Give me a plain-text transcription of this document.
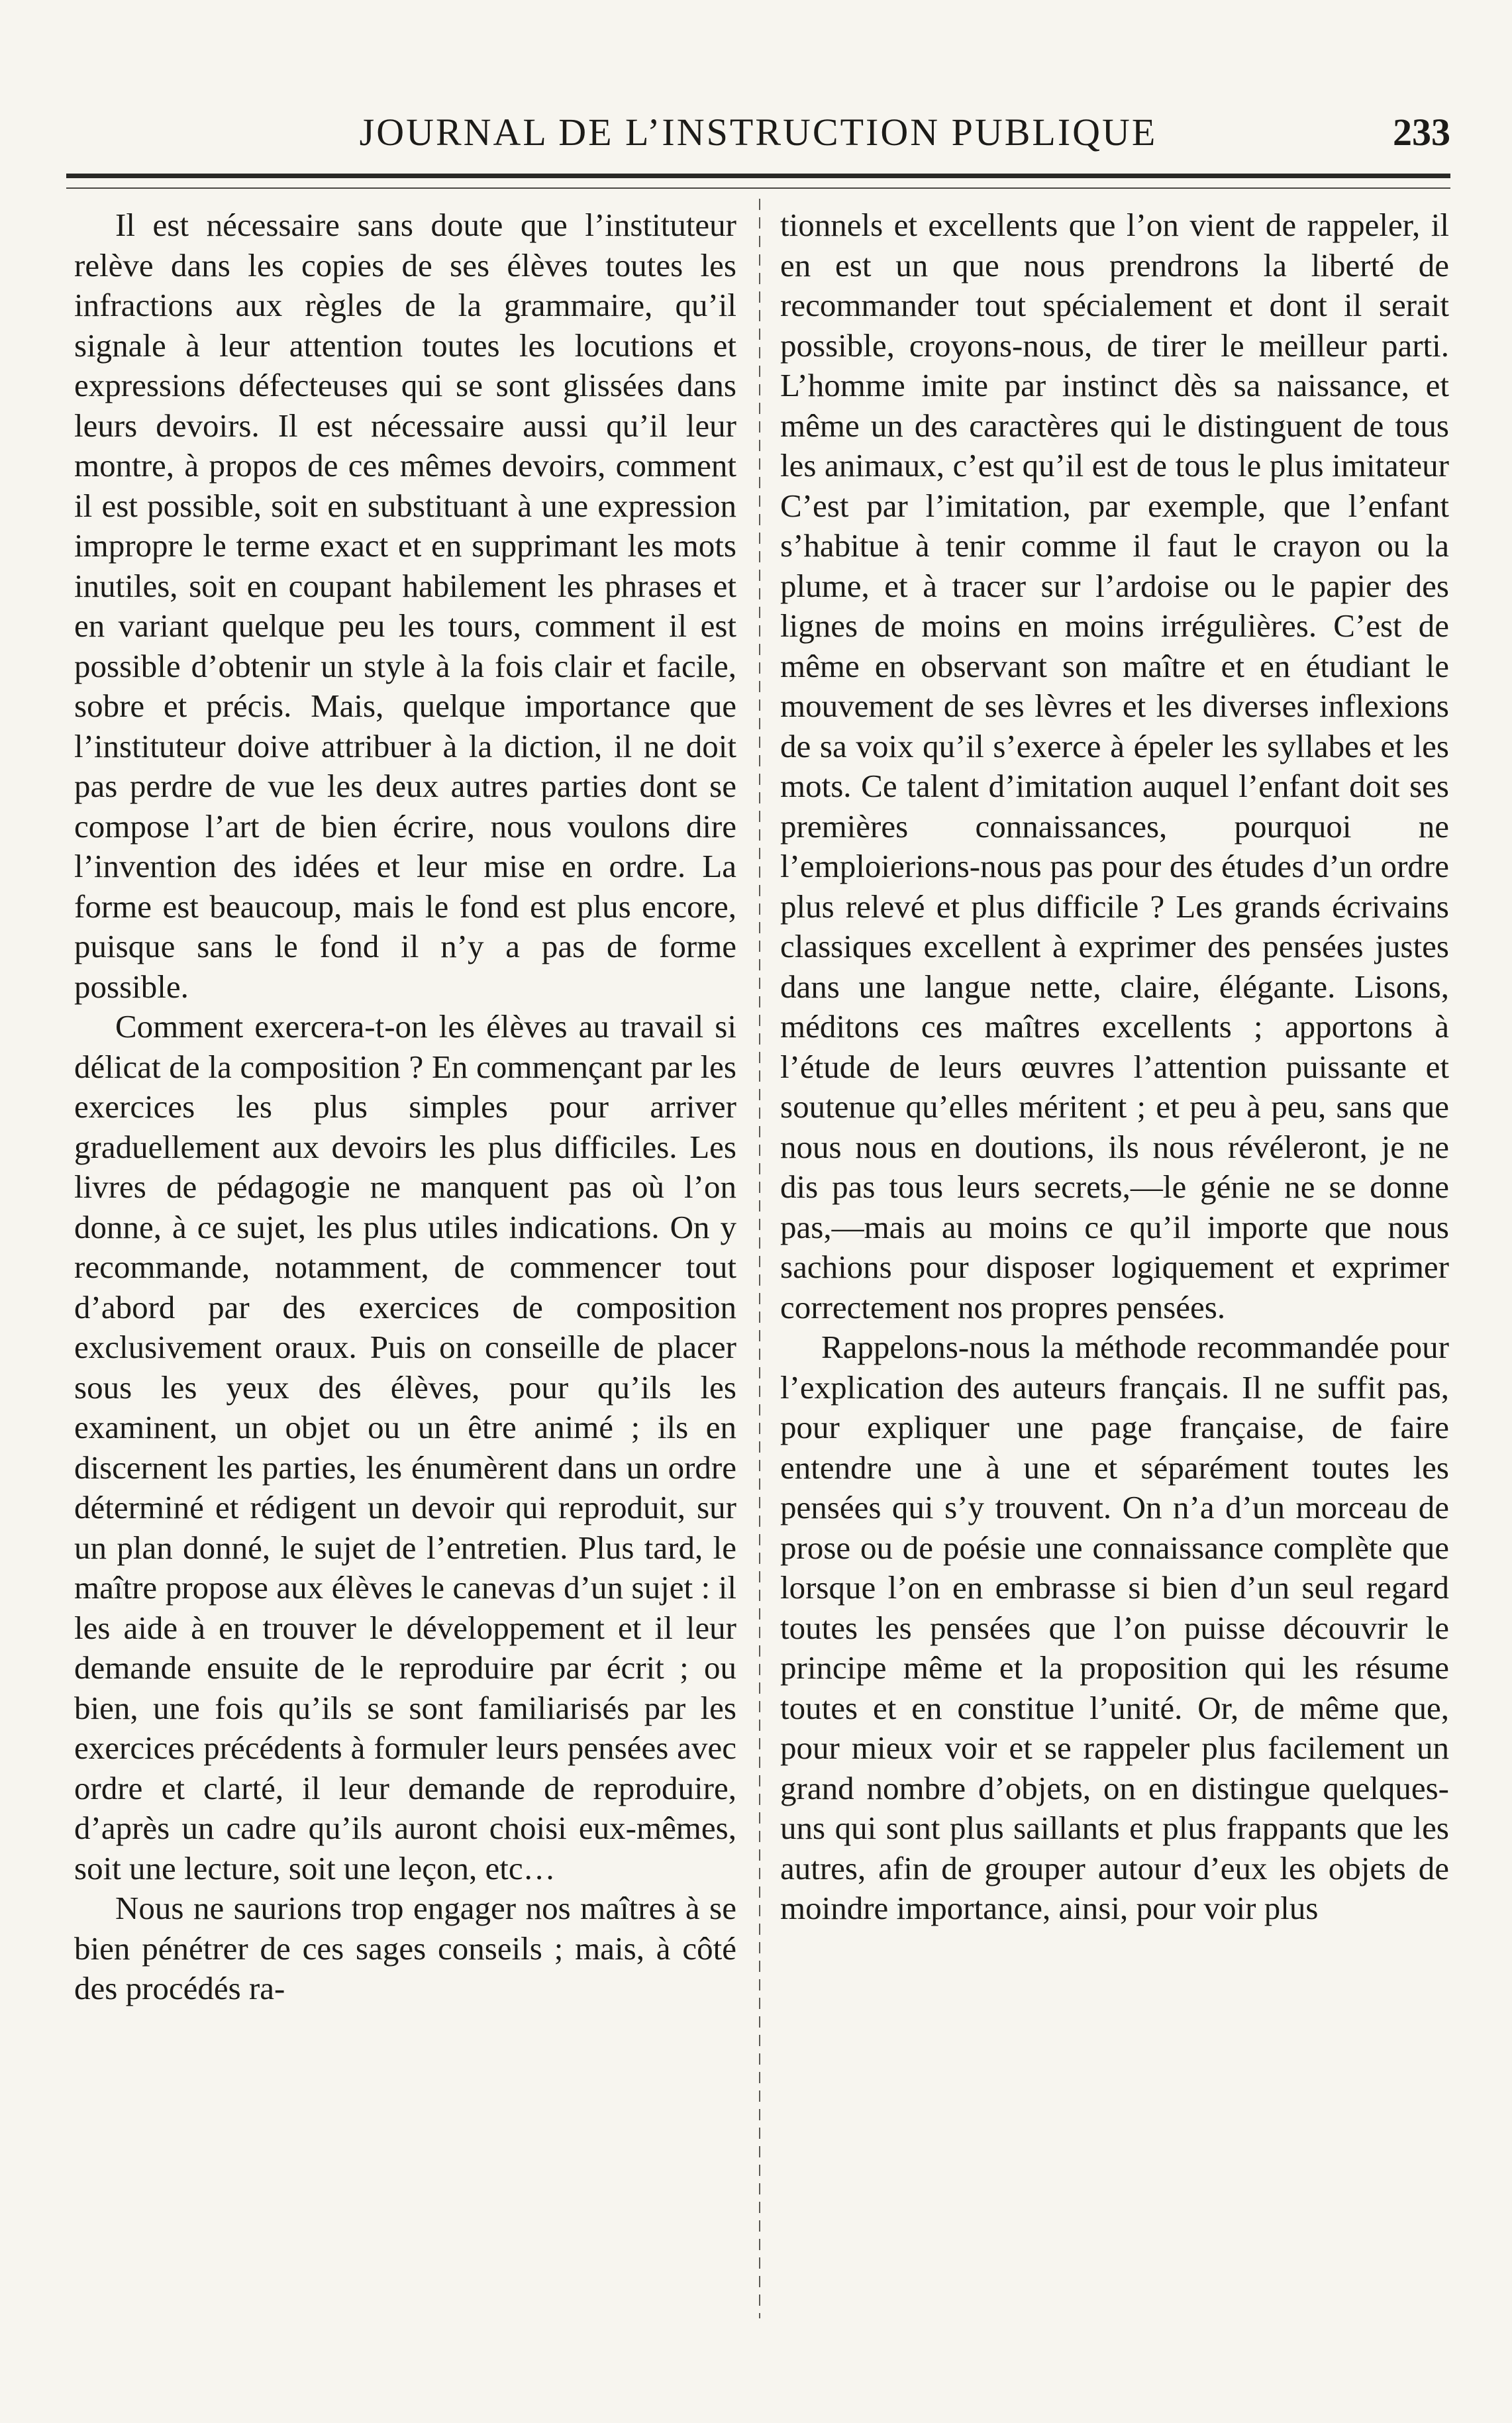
JOURNAL DE L’INSTRUCTION PUBLIQUE	233

Il est nécessaire sans doute que l’instituteur relève dans les copies de ses élèves toutes les infractions aux règles de la grammaire, qu’il signale à leur attention toutes les locutions et expressions défecteuses qui se sont glissées dans leurs devoirs. Il est nécessaire aussi qu’il leur montre, à propos de ces mêmes devoirs, comment il est possible, soit en substituant à une expression impropre le terme exact et en supprimant les mots inutiles, soit en coupant habilement les phrases et en variant quelque peu les tours, comment il est possible d’obtenir un style à la fois clair et facile, sobre et précis. Mais, quelque importance que l’instituteur doive attribuer à la diction, il ne doit pas perdre de vue les deux autres parties dont se compose l’art de bien écrire, nous voulons dire l’invention des idées et leur mise en ordre. La forme est beaucoup, mais le fond est plus encore, puisque sans le fond il n’y a pas de forme possible.

Comment exercera-t-on les élèves au travail si délicat de la composition ? En commençant par les exercices les plus simples pour arriver graduellement aux devoirs les plus difficiles. Les livres de pédagogie ne manquent pas où l’on donne, à ce sujet, les plus utiles indications. On y recommande, notamment, de commencer tout d’abord par des exercices de composition exclusivement oraux. Puis on conseille de placer sous les yeux des élèves, pour qu’ils les examinent, un objet ou un être animé ; ils en discernent les parties, les énumèrent dans un ordre déterminé et rédigent un devoir qui reproduit, sur un plan donné, le sujet de l’entretien. Plus tard, le maître propose aux élèves le canevas d’un sujet : il les aide à en trouver le développement et il leur demande ensuite de le reproduire par écrit ; ou bien, une fois qu’ils se sont familiarisés par les exercices précédents à formuler leurs pensées avec ordre et clarté, il leur demande de reproduire, d’après un cadre qu’ils auront choisi eux-mêmes, soit une lecture, soit une leçon, etc…

Nous ne saurions trop engager nos maîtres à se bien pénétrer de ces sages conseils ; mais, à côté des procédés ra-

tionnels et excellents que l’on vient de rappeler, il en est un que nous prendrons la liberté de recommander tout spécialement et dont il serait possible, croyons-nous, de tirer le meilleur parti. L’homme imite par instinct dès sa naissance, et même un des caractères qui le distinguent de tous les animaux, c’est qu’il est de tous le plus imitateur C’est par l’imitation, par exemple, que l’enfant s’habitue à tenir comme il faut le crayon ou la plume, et à tracer sur l’ardoise ou le papier des lignes de moins en moins irrégulières. C’est de même en observant son maître et en étudiant le mouvement de ses lèvres et les diverses inflexions de sa voix qu’il s’exerce à épeler les syllabes et les mots. Ce talent d’imitation auquel l’enfant doit ses premières connaissances, pourquoi ne l’emploierions-nous pas pour des études d’un ordre plus relevé et plus difficile ? Les grands écrivains classiques excellent à exprimer des pensées justes dans une langue nette, claire, élégante. Lisons, méditons ces maîtres excellents ; apportons à l’étude de leurs œuvres l’attention puissante et soutenue qu’elles méritent ; et peu à peu, sans que nous nous en doutions, ils nous révéleront, je ne dis pas tous leurs secrets,—le génie ne se donne pas,—mais au moins ce qu’il importe que nous sachions pour disposer logiquement et exprimer correctement nos propres pensées.

Rappelons-nous la méthode recommandée pour l’explication des auteurs français. Il ne suffit pas, pour expliquer une page française, de faire entendre une à une et séparément toutes les pensées qui s’y trouvent. On n’a d’un morceau de prose ou de poésie une connaissance complète que lorsque l’on en embrasse si bien d’un seul regard toutes les pensées que l’on puisse découvrir le principe même et la proposition qui les résume toutes et en constitue l’unité. Or, de même que, pour mieux voir et se rappeler plus facilement un grand nombre d’objets, on en distingue quelques-uns qui sont plus saillants et plus frappants que les autres, afin de grouper autour d’eux les objets de moindre importance, ainsi, pour voir plus
